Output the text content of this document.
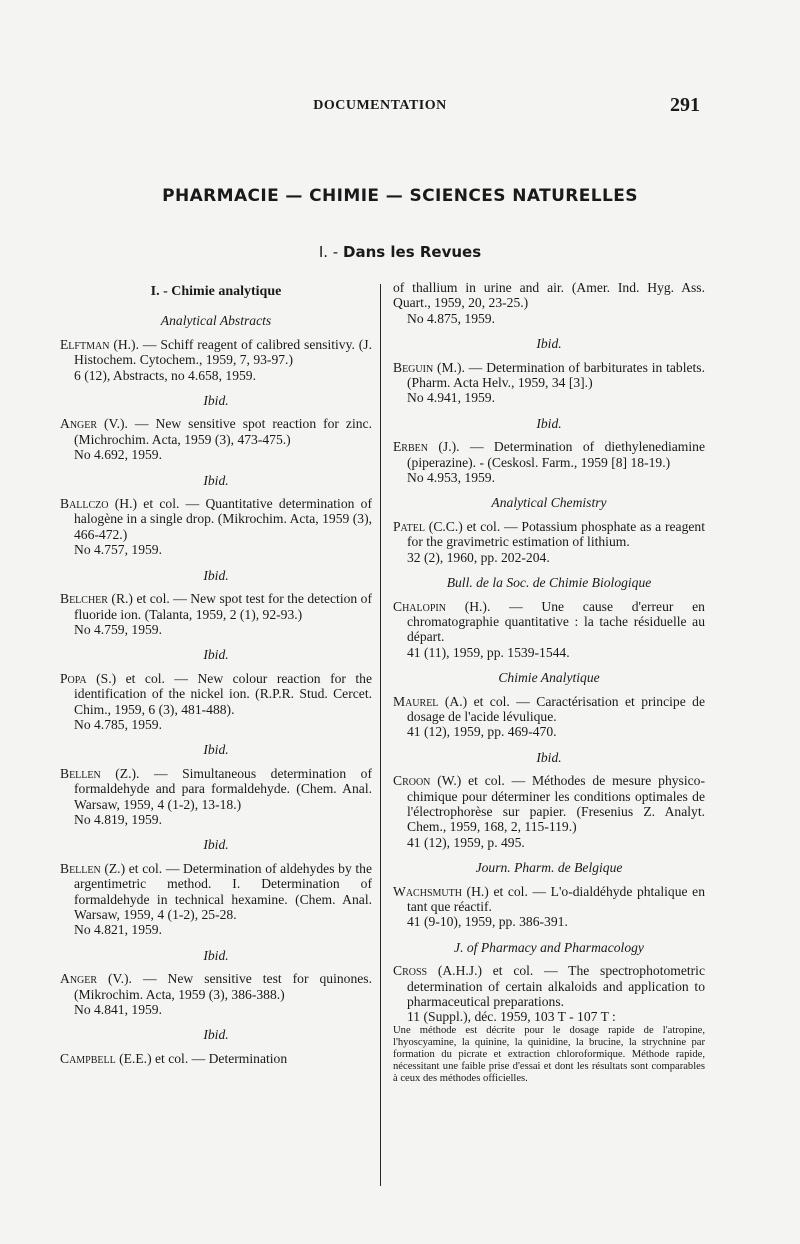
DOCUMENTATION	291
PHARMACIE — CHIMIE — SCIENCES NATURELLES
I. - Dans les Revues
I. - Chimie analytique
Analytical Abstracts

Elftman (H.). — Schiff reagent of calibred sensitivy. (J. Histochem. Cytochem., 1959, 7, 93-97.)

6 (12), Abstracts, no 4.658, 1959.

Ibid.

Anger (V.). — New sensitive spot reaction for zinc. (Michrochim. Acta, 1959 (3), 473-475.)

No 4.692, 1959.

Ibid.

Ballczo (H.) et col. — Quantitative determination of halogène in a single drop. (Mikrochim. Acta, 1959 (3), 466-472.)

No 4.757, 1959.

Ibid.

Belcher (R.) et col. — New spot test for the detection of fluoride ion. (Talanta, 1959, 2 (1), 92-93.)

No 4.759, 1959.

Ibid.

Popa (S.) et col. — New colour reaction for the identification of the nickel ion. (R.P.R. Stud. Cercet. Chim., 1959, 6 (3), 481-488).

No 4.785, 1959.

Ibid.

Bellen (Z.). — Simultaneous determination of formaldehyde and para formaldehyde. (Chem. Anal. Warsaw, 1959, 4 (1-2), 13-18.)

No 4.819, 1959.

Ibid.

Bellen (Z.) et col. — Determination of aldehydes by the argentimetric method. I. Determination of formaldehyde in technical hexamine. (Chem. Anal. Warsaw, 1959, 4 (1-2), 25-28.

No 4.821, 1959.

Ibid.

Anger (V.). — New sensitive test for quinones. (Mikrochim. Acta, 1959 (3), 386-388.)

No 4.841, 1959.

Ibid.

Campbell (E.E.) et col. — Determination

of thallium in urine and air. (Amer. Ind. Hyg. Ass. Quart., 1959, 20, 23-25.)

No 4.875, 1959.

Ibid.

Beguin (M.). — Determination of barbiturates in tablets. (Pharm. Acta Helv., 1959, 34 [3].)

No 4.941, 1959.

Ibid.

Erben (J.). — Determination of diethylenediamine (piperazine). - (Ceskosl. Farm., 1959 [8] 18-19.)

No 4.953, 1959.

Analytical Chemistry

Patel (C.C.) et col. — Potassium phosphate as a reagent for the gravimetric estimation of lithium.

32 (2), 1960, pp. 202-204.

Bull. de la Soc. de Chimie Biologique

Chalopin (H.). — Une cause d'erreur en chromatographie quantitative : la tache résiduelle au départ.

41 (11), 1959, pp. 1539-1544.

Chimie Analytique

Maurel (A.) et col. — Caractérisation et principe de dosage de l'acide lévulique.

41 (12), 1959, pp. 469-470.

Ibid.

Croon (W.) et col. — Méthodes de mesure physico-chimique pour déterminer les conditions optimales de l'électrophorèse sur papier. (Fresenius Z. Analyt. Chem., 1959, 168, 2, 115-119.)

41 (12), 1959, p. 495.

Journ. Pharm. de Belgique

Wachsmuth (H.) et col. — L'o-dialdéhyde phtalique en tant que réactif.

41 (9-10), 1959, pp. 386-391.

J. of Pharmacy and Pharmacology

Cross (A.H.J.) et col. — The spectrophotometric determination of certain alkaloids and application to pharmaceutical preparations.

11 (Suppl.), déc. 1959, 103 T - 107 T :

Une méthode est décrite pour le dosage rapide de l'atropine, l'hyoscyamine, la quinine, la quinidine, la brucine, la strychnine par formation du picrate et extraction chloroformique. Méthode rapide, nécessitant une faible prise d'essai et dont les résultats sont comparables à ceux des méthodes officielles.
